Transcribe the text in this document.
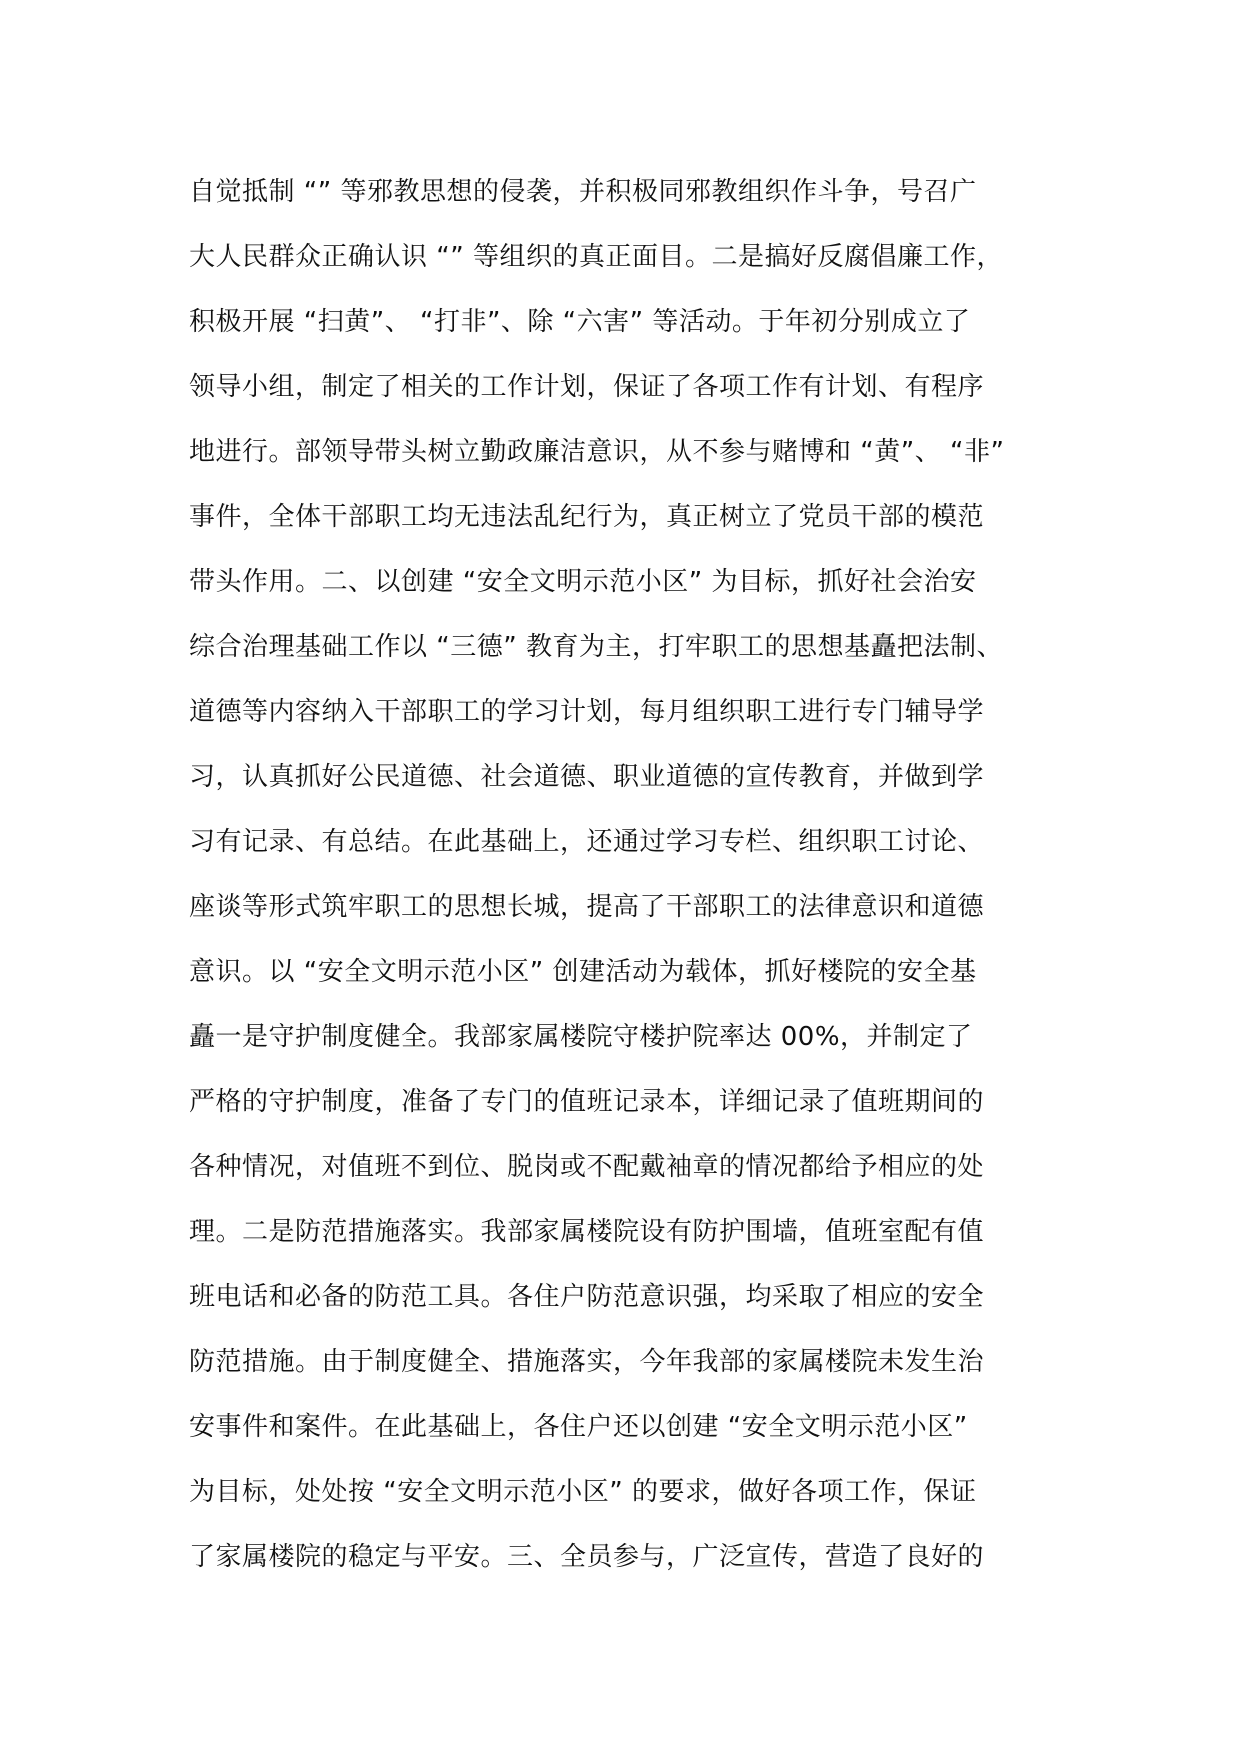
自觉抵制 “” 等邪教思想的侵袭，并积极同邪教组织作斗争，号召广
大人民群众正确认识 “” 等组织的真正面目。二是搞好反腐倡廉工作，
积极开展 “扫黄”、 “打非”、除 “六害” 等活动。于年初分别成立了
领导小组，制定了相关的工作计划，保证了各项工作有计划、有程序
地进行。部领导带头树立勤政廉洁意识，从不参与赌博和 “黄”、 “非”
事件，全体干部职工均无违法乱纪行为，真正树立了党员干部的模范
带头作用。二、以创建 “安全文明示范小区” 为目标，抓好社会治安
综合治理基础工作以 “三德” 教育为主，打牢职工的思想基矗把法制、
道德等内容纳入干部职工的学习计划，每月组织职工进行专门辅导学
习，认真抓好公民道德、社会道德、职业道德的宣传教育，并做到学
习有记录、有总结。在此基础上，还通过学习专栏、组织职工讨论、
座谈等形式筑牢职工的思想长城，提高了干部职工的法律意识和道德
意识。以 “安全文明示范小区” 创建活动为载体，抓好楼院的安全基
矗一是守护制度健全。我部家属楼院守楼护院率达 00%，并制定了
严格的守护制度，准备了专门的值班记录本，详细记录了值班期间的
各种情况，对值班不到位、脱岗或不配戴袖章的情况都给予相应的处
理。二是防范措施落实。我部家属楼院设有防护围墙，值班室配有值
班电话和必备的防范工具。各住户防范意识强，均采取了相应的安全
防范措施。由于制度健全、措施落实，今年我部的家属楼院未发生治
安事件和案件。在此基础上，各住户还以创建 “安全文明示范小区”
为目标，处处按 “安全文明示范小区” 的要求，做好各项工作，保证
了家属楼院的稳定与平安。三、全员参与，广泛宣传，营造了良好的
